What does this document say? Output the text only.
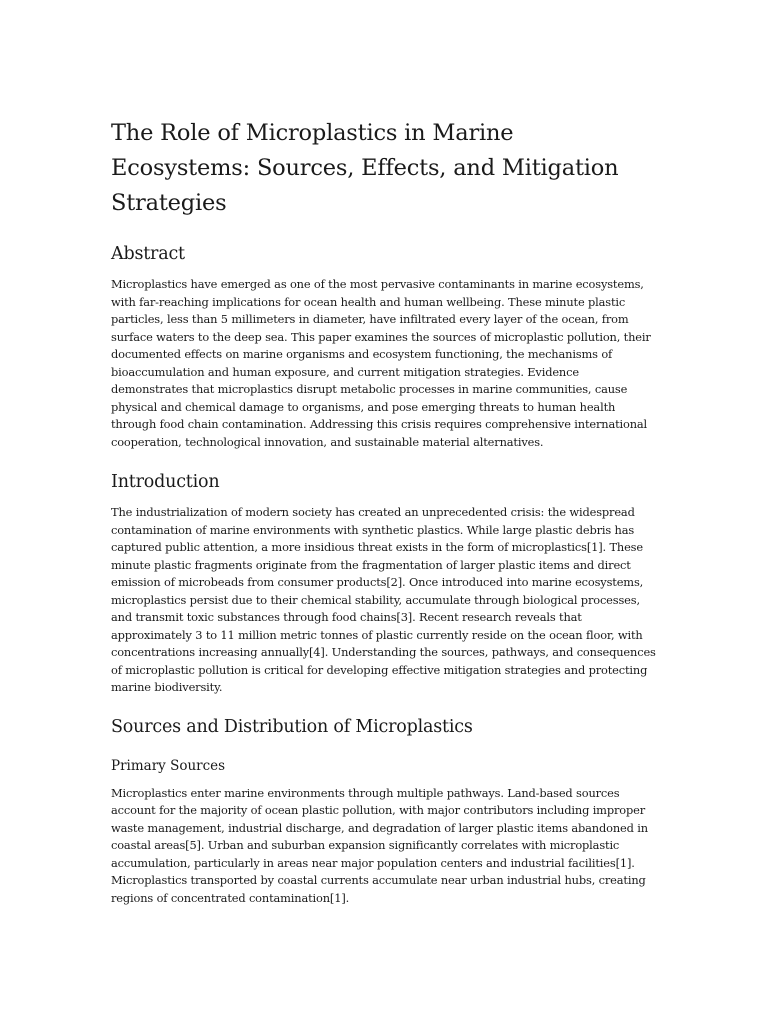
The Role of Microplastics in Marine Ecosystems: Sources, Effects, and Mitigation Strategies
Abstract

Microplastics have emerged as one of the most pervasive contaminants in marine ecosystems, with far-reaching implications for ocean health and human wellbeing. These minute plastic particles, less than 5 millimeters in diameter, have infiltrated every layer of the ocean, from surface waters to the deep sea. This paper examines the sources of microplastic pollution, their documented effects on marine organisms and ecosystem functioning, the mechanisms of bioaccumulation and human exposure, and current mitigation strategies. Evidence demonstrates that microplastics disrupt metabolic processes in marine communities, cause physical and chemical damage to organisms, and pose emerging threats to human health through food chain contamination. Addressing this crisis requires comprehensive international cooperation, technological innovation, and sustainable material alternatives.

Introduction

The industrialization of modern society has created an unprecedented crisis: the widespread contamination of marine environments with synthetic plastics. While large plastic debris has captured public attention, a more insidious threat exists in the form of microplastics[1]. These minute plastic fragments originate from the fragmentation of larger plastic items and direct emission of microbeads from consumer products[2]. Once introduced into marine ecosystems, microplastics persist due to their chemical stability, accumulate through biological processes, and transmit toxic substances through food chains[3]. Recent research reveals that approximately 3 to 11 million metric tonnes of plastic currently reside on the ocean floor, with concentrations increasing annually[4]. Understanding the sources, pathways, and consequences of microplastic pollution is critical for developing effective mitigation strategies and protecting marine biodiversity.

Sources and Distribution of Microplastics
Primary Sources

Microplastics enter marine environments through multiple pathways. Land-based sources account for the majority of ocean plastic pollution, with major contributors including improper waste management, industrial discharge, and degradation of larger plastic items abandoned in coastal areas[5]. Urban and suburban expansion significantly correlates with microplastic accumulation, particularly in areas near major population centers and industrial facilities[1]. Microplastics transported by coastal currents accumulate near urban industrial hubs, creating regions of concentrated contamination[1].
